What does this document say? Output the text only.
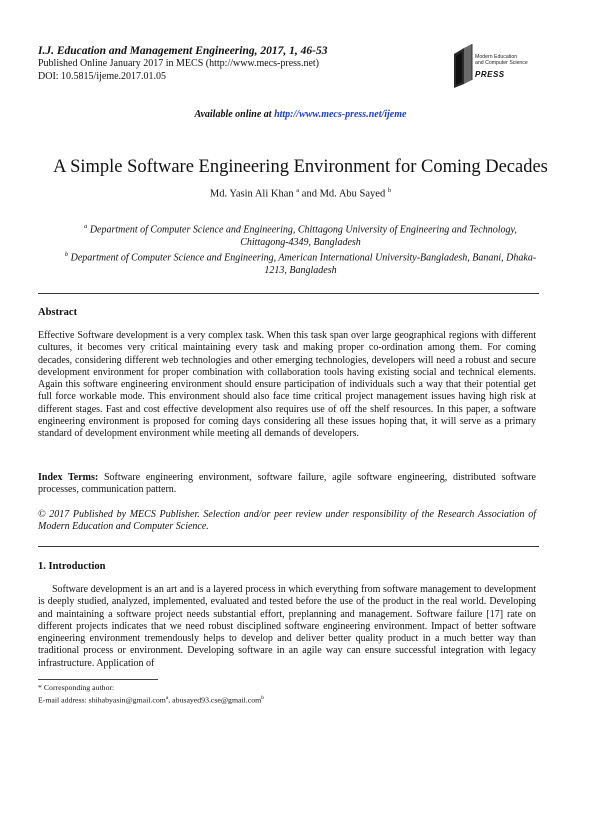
I.J. Education and Management Engineering, 2017, 1, 46-53
Published Online January 2017 in MECS (http://www.mecs-press.net)
DOI: 10.5815/ijeme.2017.01.05
Modern Education
and Computer Science
PRESS
Available online at http://www.mecs-press.net/ijeme
A Simple Software Engineering Environment for Coming Decades
Md. Yasin Ali Khan $^a$ and Md. Abu Sayed $^b$
$^a$ Department of Computer Science and Engineering, Chittagong University of Engineering and Technology, Chittagong-4349, Bangladesh
$^b$ Department of Computer Science and Engineering, American International University-Bangladesh, Banani, Dhaka-1213, Bangladesh
Abstract
Effective Software development is a very complex task. When this task span over large geographical regions with different cultures, it becomes very critical maintaining every task and making proper co-ordination among them. For coming decades, considering different web technologies and other emerging technologies, developers will need a robust and secure development environment for proper combination with collaboration tools having existing social and technical elements. Again this software engineering environment should ensure participation of individuals such a way that their potential get full force workable mode. This environment should also face time critical project management issues having high risk at different stages. Fast and cost effective development also requires use of off the shelf resources. In this paper, a software engineering environment is proposed for coming days considering all these issues hoping that, it will serve as a primary standard of development environment while meeting all demands of developers.
Index Terms: Software engineering environment, software failure, agile software engineering, distributed software processes, communication pattern.
© 2017 Published by MECS Publisher. Selection and/or peer review under responsibility of the Research Association of Modern Education and Computer Science.
1. Introduction
Software development is an art and is a layered process in which everything from software management to development is deeply studied, analyzed, implemented, evaluated and tested before the use of the product in the real world. Developing and maintaining a software project needs substantial effort, preplanning and management. Software failure [17] rate on different projects indicates that we need robust disciplined software engineering environment. Impact of better software engineering environment tremendously helps to develop and deliver better quality product in a much better way than traditional process or environment. Developing software in an agile way can ensure successful integration with legacy infrastructure. Application of
* Corresponding author:
E-mail address: shihabyasin@gmail.com$^a$, abusayed93.cse@gmail.com$^b$
